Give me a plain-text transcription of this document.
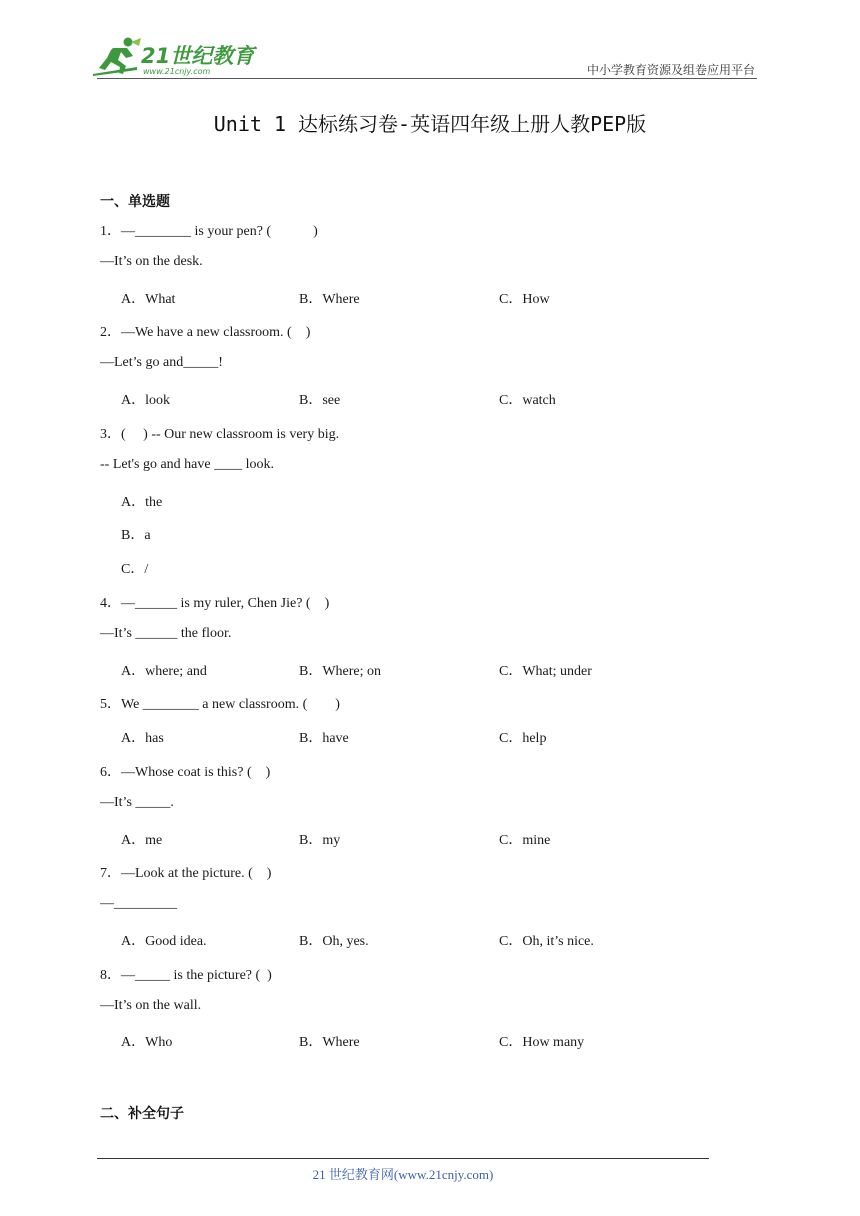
21世纪教育
www.21cnjy.com	中小学教育资源及组卷应用平台
Unit 1 达标练习卷-英语四年级上册人教PEP版
一、单选题
1．—________ is your pen? (　　　)
—It’s on the desk.
A．What	B．Where	C．How
2．—We have a new classroom. (　)
—Let’s go and_____!
A．look	B．see	C．watch
3．(　 ) -- Our new classroom is very big.
-- Let's go and have ____ look.
A．the
B．a
C．/
4．—______ is my ruler, Chen Jie? (　)
—It’s ______ the floor.
A．where; and	B．Where; on	C．What; under
5．We ________ a new classroom. (　　)
A．has	B．have	C．help
6．—Whose coat is this? (　)
—It’s _____.
A．me	B．my	C．mine
7．—Look at the picture. (　)
—_________
A．Good idea.	B．Oh, yes.	C．Oh, it’s nice.
8．—_____ is the picture? (  )
—It’s on the wall.
A．Who	B．Where	C．How many
二、补全句子
21 世纪教育网(www.21cnjy.com)
